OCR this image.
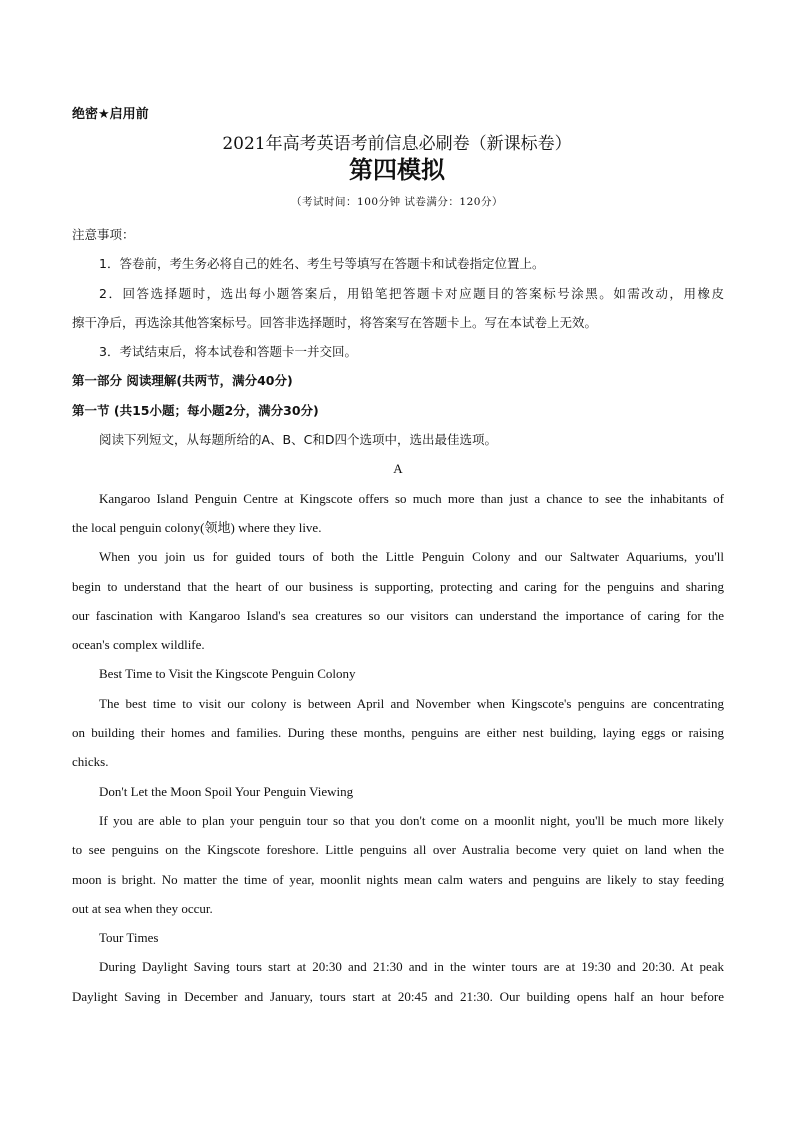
绝密★启用前
2021年高考英语考前信息必刷卷（新课标卷）
第四模拟
（考试时间：100分钟 试卷满分：120分）
注意事项：
1．答卷前，考生务必将自己的姓名、考生号等填写在答题卡和试卷指定位置上。
2．回答选择题时，选出每小题答案后，用铅笔把答题卡对应题目的答案标号涂黑。如需改动，用橡皮
擦干净后，再选涂其他答案标号。回答非选择题时，将答案写在答题卡上。写在本试卷上无效。
3．考试结束后，将本试卷和答题卡一并交回。
第一部分 阅读理解(共两节，满分40分)
第一节 (共15小题；每小题2分，满分30分)
阅读下列短文，从每题所给的A、B、C和D四个选项中，选出最佳选项。
A
Kangaroo Island Penguin Centre at Kingscote offers so much more than just a chance to see the inhabitants of
the local penguin colony(领地) where they live.
When you join us for guided tours of both the Little Penguin Colony and our Saltwater Aquariums, you'll
begin to understand that the heart of our business is supporting, protecting and caring for the penguins and sharing
our fascination with Kangaroo Island's sea creatures so our visitors can understand the importance of caring for the
ocean's complex wildlife.
Best Time to Visit the Kingscote Penguin Colony
The best time to visit our colony is between April and November when Kingscote's penguins are concentrating
on building their homes and families. During these months, penguins are either nest building, laying eggs or raising
chicks.
Don't Let the Moon Spoil Your Penguin Viewing
If you are able to plan your penguin tour so that you don't come on a moonlit night, you'll be much more likely
to see penguins on the Kingscote foreshore. Little penguins all over Australia become very quiet on land when the
moon is bright. No matter the time of year, moonlit nights mean calm waters and penguins are likely to stay feeding
out at sea when they occur.
Tour Times
During Daylight Saving tours start at 20:30 and 21:30 and in the winter tours are at 19:30 and 20:30. At peak
Daylight Saving in December and January, tours start at 20:45 and 21:30. Our building opens half an hour before
